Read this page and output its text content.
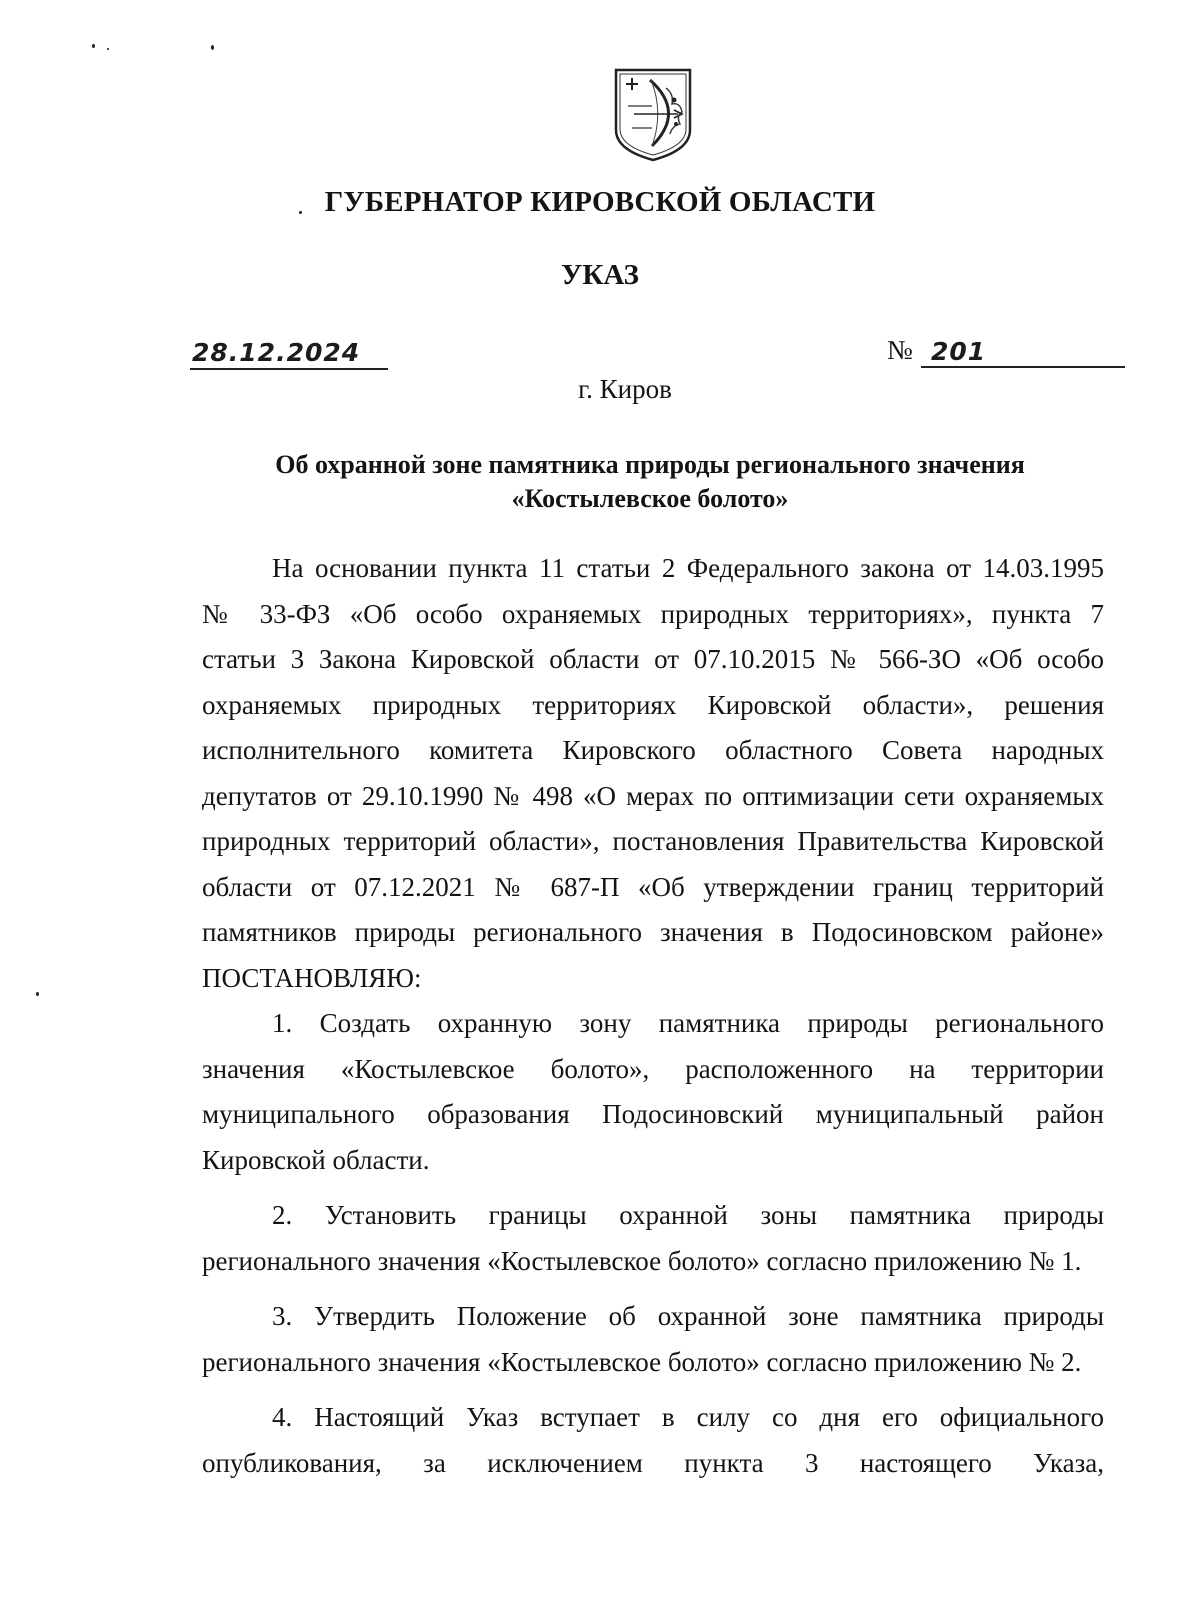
ГУБЕРНАТОР КИРОВСКОЙ ОБЛАСТИ
УКАЗ
28.12.2024	№ 201
г. Киров
Об охранной зоне памятника природы регионального значения
«Костылевское болото»
На основании пункта 11 статьи 2 Федерального закона от 14.03.1995
№ 33-ФЗ «Об особо охраняемых природных территориях», пункта 7
статьи 3 Закона Кировской области от 07.10.2015 № 566-ЗО «Об особо
охраняемых природных территориях Кировской области», решения
исполнительного комитета Кировского областного Совета народных
депутатов от 29.10.1990 № 498 «О мерах по оптимизации сети охраняемых
природных территорий области», постановления Правительства Кировской
области от 07.12.2021 № 687-П «Об утверждении границ территорий
памятников природы регионального значения в Подосиновском районе»
ПОСТАНОВЛЯЮ:
1. Создать охранную зону памятника природы регионального
значения «Костылевское болото», расположенного на территории
муниципального образования Подосиновский муниципальный район
Кировской области.
2. Установить границы охранной зоны памятника природы
регионального значения «Костылевское болото» согласно приложению № 1.
3. Утвердить Положение об охранной зоне памятника природы
регионального значения «Костылевское болото» согласно приложению № 2.
4. Настоящий Указ вступает в силу со дня его официального
опубликования, за исключением пункта 3 настоящего Указа,
